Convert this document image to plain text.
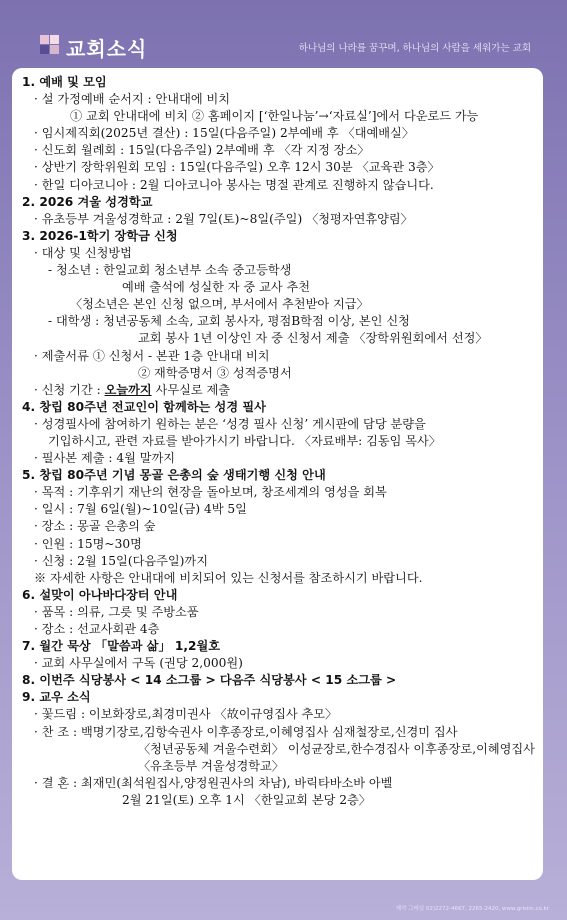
교회소식	하나님의 나라를 꿈꾸며, 하나님의 사람을 세워가는 교회
1. 예배 및 모임
· 설 가정예배 순서지 : 안내대에 비치
① 교회 안내대에 비치 ② 홈페이지 [‘한일나눔’→‘자료실’]에서 다운로드 가능
· 임시제직회(2025년 결산) : 15일(다음주일) 2부예배 후 〈대예배실〉
· 신도회 월례회 : 15일(다음주일) 2부예배 후 〈각 지정 장소〉
· 상반기 장학위원회 모임 : 15일(다음주일) 오후 12시 30분 〈교육관 3층〉
· 한일 디아코니아 : 2월 디아코니아 봉사는 명절 관계로 진행하지 않습니다.
2. 2026 겨울 성경학교
· 유초등부 겨울성경학교 : 2월 7일(토)~8일(주일) 〈청평자연휴양림〉
3. 2026-1학기 장학금 신청
· 대상 및 신청방법
- 청소년 : 한일교회 청소년부 소속 중고등학생
예배 출석에 성실한 자 중 교사 추천
〈청소년은 본인 신청 없으며, 부서에서 추천받아 지급〉
- 대학생 : 청년공동체 소속, 교회 봉사자, 평점B학점 이상, 본인 신청
교회 봉사 1년 이상인 자 중 신청서 제출 〈장학위원회에서 선정〉
· 제출서류 ① 신청서 - 본관 1층 안내대 비치
② 재학증명서 ③ 성적증명서
· 신청 기간 : 오늘까지 사무실로 제출
4. 창립 80주년 전교인이 함께하는 성경 필사
· 성경필사에 참여하기 원하는 분은 ‘성경 필사 신청’ 게시판에 담당 분량을
기입하시고, 관련 자료를 받아가시기 바랍니다. 〈자료배부: 김동임 목사〉
· 필사본 제출 : 4월 말까지
5. 창립 80주년 기념 몽골 은총의 숲 생태기행 신청 안내
· 목적 : 기후위기 재난의 현장을 돌아보며, 창조세계의 영성을 회복
· 일시 : 7월 6일(월)~10일(금) 4박 5일
· 장소 : 몽골 은총의 숲
· 인원 : 15명~30명
· 신청 : 2월 15일(다음주일)까지
※ 자세한 사항은 안내대에 비치되어 있는 신청서를 참조하시기 바랍니다.
6. 설맞이 아나바다장터 안내
· 품목 : 의류, 그릇 및 주방소품
· 장소 : 선교사회관 4층
7. 월간 묵상 「말씀과 삶」 1,2월호
· 교회 사무실에서 구독 (권당 2,000원)
8. 이번주 식당봉사 < 14 소그룹 > 다음주 식당봉사 < 15 소그룹 >
9. 교우 소식
· 꽃드림 : 이보화장로,최경미권사 〈故이규영집사 추모〉
· 찬 조 : 백명기장로,김항숙권사 이후종장로,이혜영집사 심재철장로,신경미 집사
〈청년공동체 겨울수련회〉 이성균장로,한수경집사 이후종장로,이혜영집사
〈유초등부 겨울성경학교〉
· 결 혼 : 최재민(최석원집사,양정원권사의 차남), 바릭타바소바 아벨
2월 21일(토) 오후 1시 〈한일교회 본당 2층〉
제작 그레실 02)2272-4667, 2265-2420, www.grisim.co.kr
